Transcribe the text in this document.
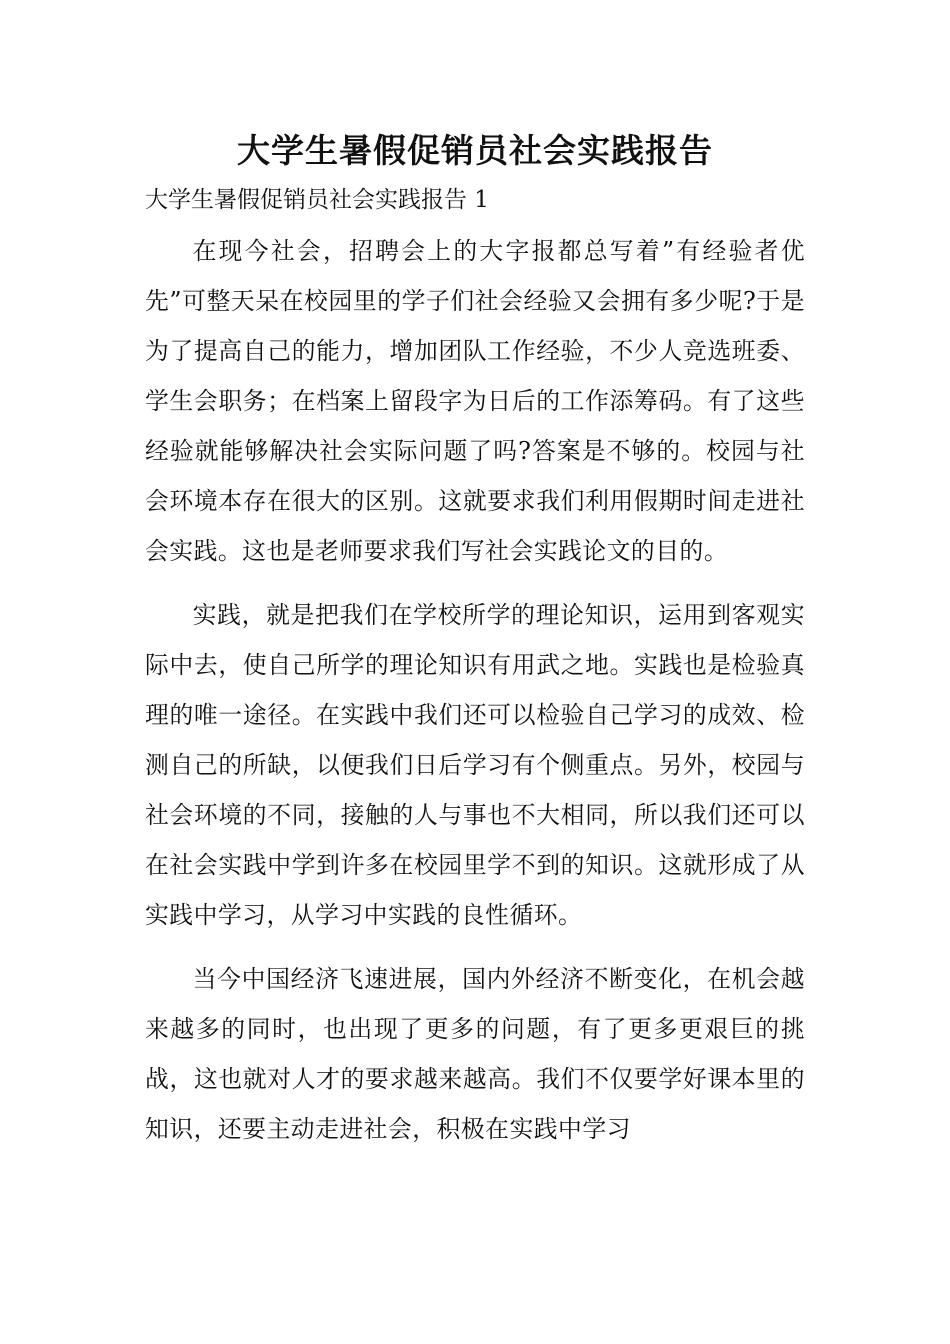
大学生暑假促销员社会实践报告

大学生暑假促销员社会实践报告 1

在现今社会，招聘会上的大字报都总写着”有经验者优先”可整天呆在校园里的学子们社会经验又会拥有多少呢?于是为了提高自己的能力，增加团队工作经验，不少人竞选班委、学生会职务；在档案上留段字为日后的工作添筹码。有了这些经验就能够解决社会实际问题了吗?答案是不够的。校园与社会环境本存在很大的区别。这就要求我们利用假期时间走进社会实践。这也是老师要求我们写社会实践论文的目的。

实践，就是把我们在学校所学的理论知识，运用到客观实际中去，使自己所学的理论知识有用武之地。实践也是检验真理的唯一途径。在实践中我们还可以检验自己学习的成效、检测自己的所缺，以便我们日后学习有个侧重点。另外，校园与社会环境的不同，接触的人与事也不大相同，所以我们还可以在社会实践中学到许多在校园里学不到的知识。这就形成了从实践中学习，从学习中实践的良性循环。

当今中国经济飞速进展，国内外经济不断变化，在机会越来越多的同时，也出现了更多的问题，有了更多更艰巨的挑战，这也就对人才的要求越来越高。我们不仅要学好课本里的知识，还要主动走进社会，积极在实践中学习
